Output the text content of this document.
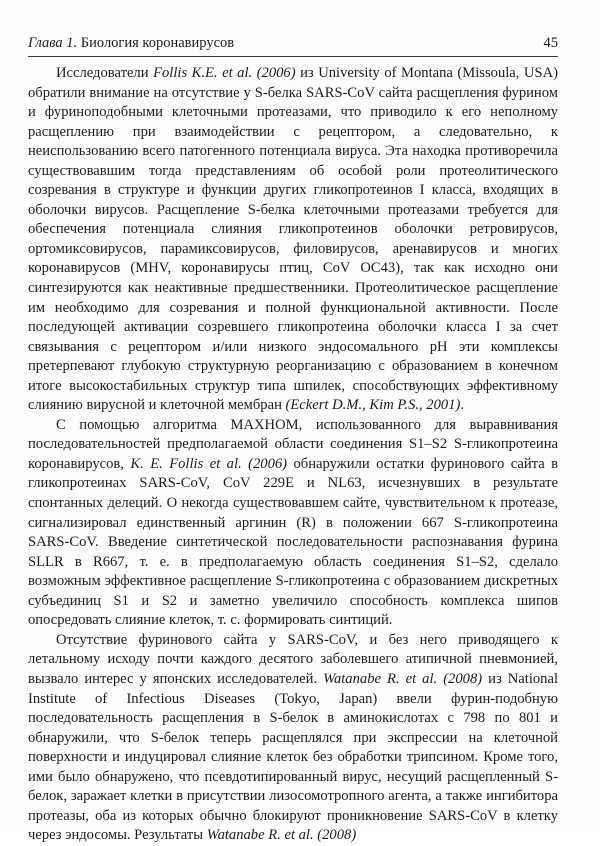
Глава 1. Биология коронавирусов	45

Исследователи Follis K.E. et al. (2006) из University of Montana (Missoula, USA) обратили внимание на отсутствие у S-белка SARS-CoV сайта расщепления фурином и фуриноподобными клеточными протеазами, что приводило к его неполному расщеплению при взаимодействии с рецептором, а следовательно, к неиспользованию всего патогенного потенциала вируса. Эта находка противоречила существовавшим тогда представлениям об особой роли протеолитического созревания в структуре и функции других гликопротеинов I класса, входящих в оболочки вирусов. Расщепление S-белка клеточными протеазами требуется для обеспечения потенциала слияния гликопротеинов оболочки ретровирусов, ортомиксовирусов, парамиксовирусов, филовирусов, аренавирусов и многих коронавирусов (MHV, коронавирусы птиц, CoV OC43), так как исходно они синтезируются как неактивные предшественники. Протеолитическое расщепление им необходимо для созревания и полной функциональной активности. После последующей активации созревшего гликопротеина оболочки класса I за счет связывания с рецептором и/или низкого эндосомального pH эти комплексы претерпевают глубокую структурную реорганизацию с образованием в конечном итоге высокостабильных структур типа шпилек, способствующих эффективному слиянию вирусной и клеточной мембран (Eckert D.M., Kim P.S., 2001).

С помощью алгоритма MAXHOM, использованного для выравнивания последовательностей предполагаемой области соединения S1–S2 S-гликопротеина коронавирусов, K. E. Follis et al. (2006) обнаружили остатки фуринового сайта в гликопротеинах SARS-CoV, CoV 229E и NL63, исчезнувших в результате спонтанных делеций. О некогда существовавшем сайте, чувствительном к протеазе, сигнализировал единственный аргинин (R) в положении 667 S-гликопротеина SARS-CoV. Введение синтетической последовательности распознавания фурина SLLR в R667, т. е. в предполагаемую область соединения S1–S2, сделало возможным эффективное расщепление S-гликопротеина с образованием дискретных субъединиц S1 и S2 и заметно увеличило способность комплекса шипов опосредовать слияние клеток, т. с. формировать синтиций.

Отсутствие фуринового сайта у SARS-CoV, и без него приводящего к летальному исходу почти каждого десятого заболевшего атипичной пневмонией, вызвало интерес у японских исследователей. Watanabe R. et al. (2008) из National Institute of Infectious Diseases (Tokyo, Japan) ввели фурин-подобную последовательность расщепления в S-белок в аминокислотах с 798 по 801 и обнаружили, что S-белок теперь расщеплялся при экспрессии на клеточной поверхности и индуцировал слияние клеток без обработки трипсином. Кроме того, ими было обнаружено, что псевдотипированный вирус, несущий расщепленный S-белок, заражает клетки в присутствии лизосомотропного агента, а также ингибитора протеазы, оба из которых обычно блокируют проникновение SARS-CoV в клетку через эндосомы. Результаты Watanabe R. et al. (2008)
